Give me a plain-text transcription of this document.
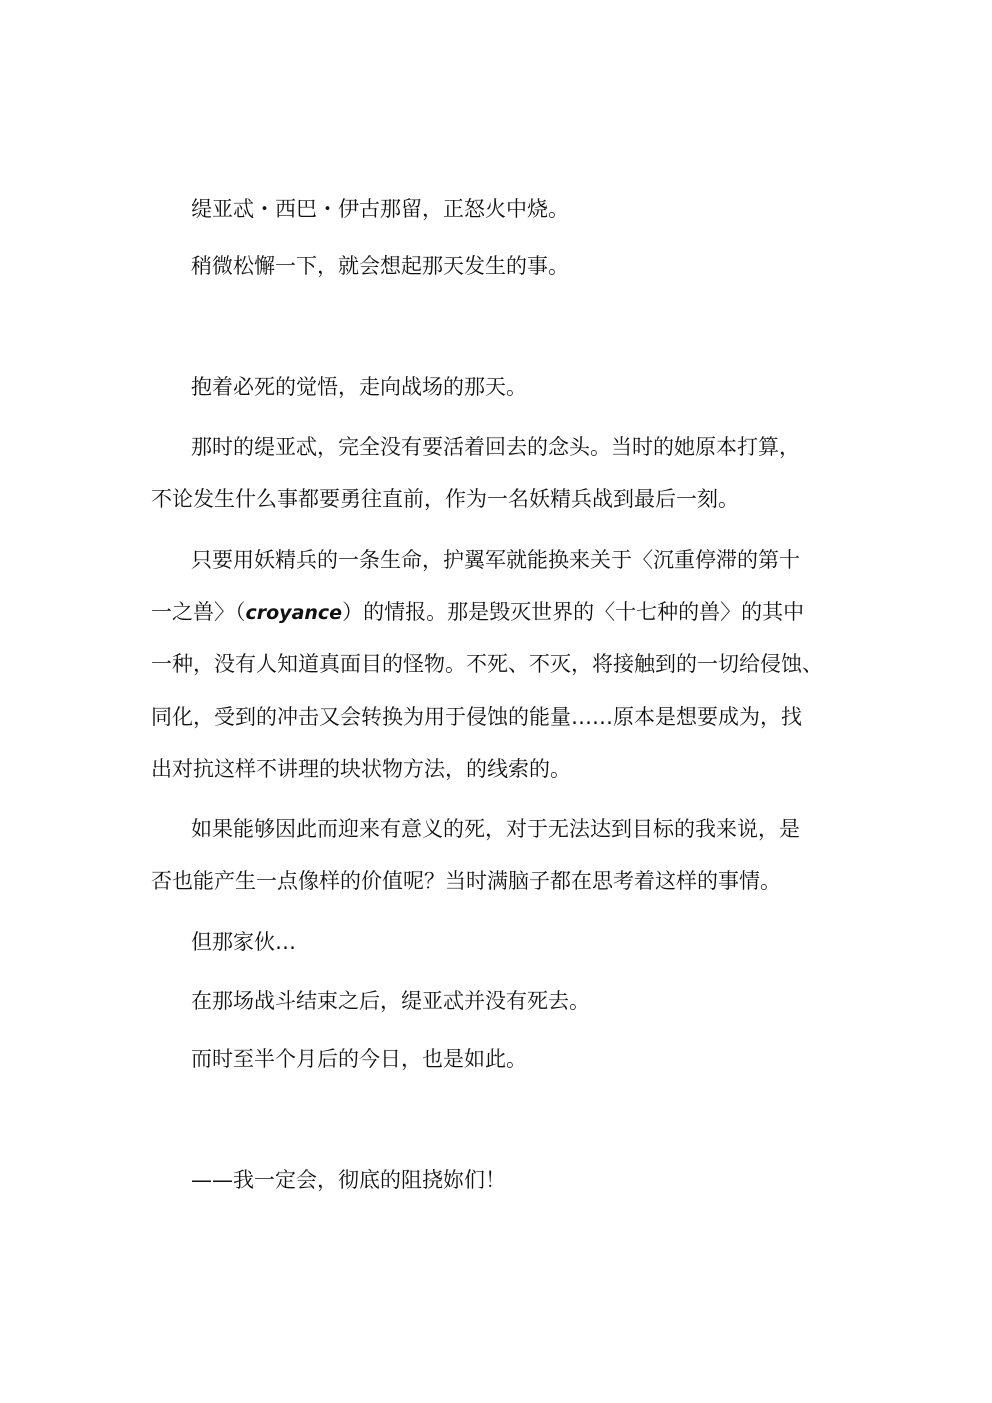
缇亚忒・西巴・伊古那留，正怒火中烧。
稍微松懈一下，就会想起那天发生的事。
抱着必死的觉悟，走向战场的那天。
那时的缇亚忒，完全没有要活着回去的念头。当时的她原本打算，
不论发生什么事都要勇往直前，作为一名妖精兵战到最后一刻。
只要用妖精兵的一条生命，护翼军就能换来关于〈沉重停滞的第十
一之兽〉（croyance）的情报。那是毁灭世界的〈十七种的兽〉的其中
一种，没有人知道真面目的怪物。不死、不灭，将接触到的一切给侵蚀、
同化，受到的冲击又会转换为用于侵蚀的能量……原本是想要成为，找
出对抗这样不讲理的块状物方法，的线索的。
如果能够因此而迎来有意义的死，对于无法达到目标的我来说，是
否也能产生一点像样的价值呢？当时满脑子都在思考着这样的事情。
但那家伙…
在那场战斗结束之后，缇亚忒并没有死去。
而时至半个月后的今日，也是如此。
——我一定会，彻底的阻挠妳们！
